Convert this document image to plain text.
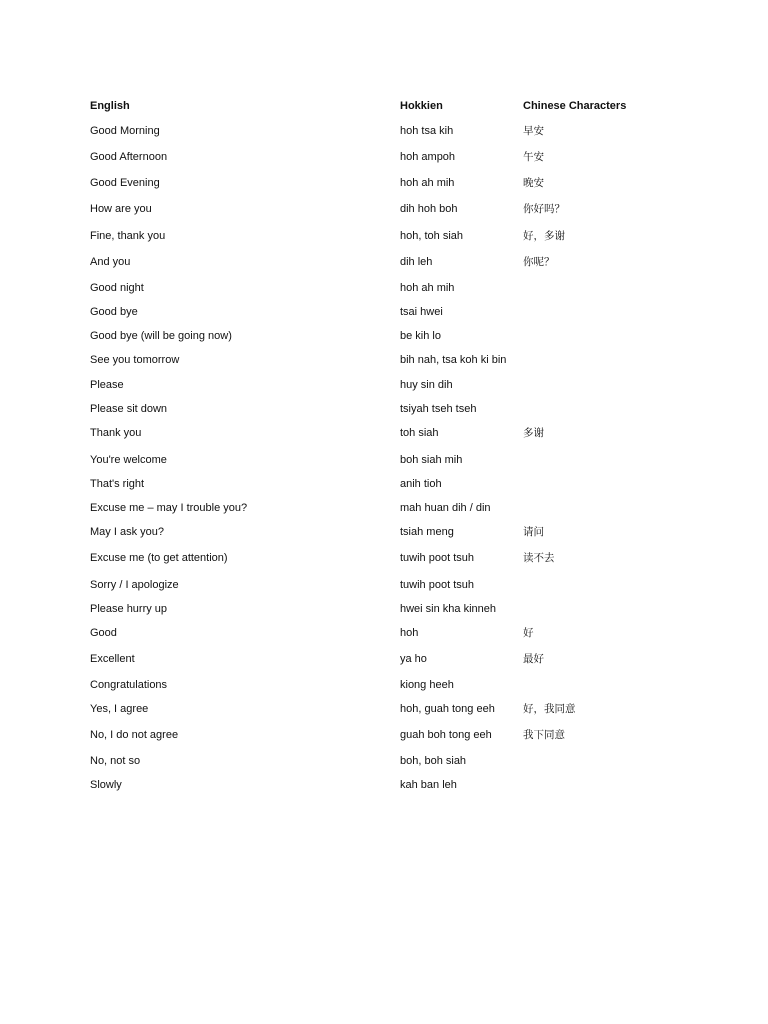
English	Hokkien	Chinese Characters
Good Morning	hoh tsa kih	早安
Good Afternoon	hoh ampoh	午安
Good Evening	hoh ah mih	晚安
How are you	dih hoh boh	你好吗？
Fine, thank you	hoh, toh siah	好，多谢
And you	dih leh	你呢？
Good night	hoh ah mih
Good bye	tsai hwei
Good bye (will be going now)	be kih lo
See you tomorrow	bih nah, tsa koh ki bin
Please	huy sin dih
Please sit down	tsiyah tseh tseh
Thank you	toh siah	多谢
You're welcome	boh siah mih
That's right	anih tioh
Excuse me – may I trouble you?	mah huan dih / din
May I ask you?	tsiah meng	请问
Excuse me (to get attention)	tuwih poot tsuh	读不去
Sorry / I apologize	tuwih poot tsuh
Please hurry up	hwei sin kha kinneh
Good	hoh	好
Excellent	ya ho	最好
Congratulations	kiong heeh
Yes, I agree	hoh, guah tong eeh	好，我同意
No, I do not agree	guah boh tong eeh	我下同意
No, not so	boh, boh siah
Slowly	kah ban leh
